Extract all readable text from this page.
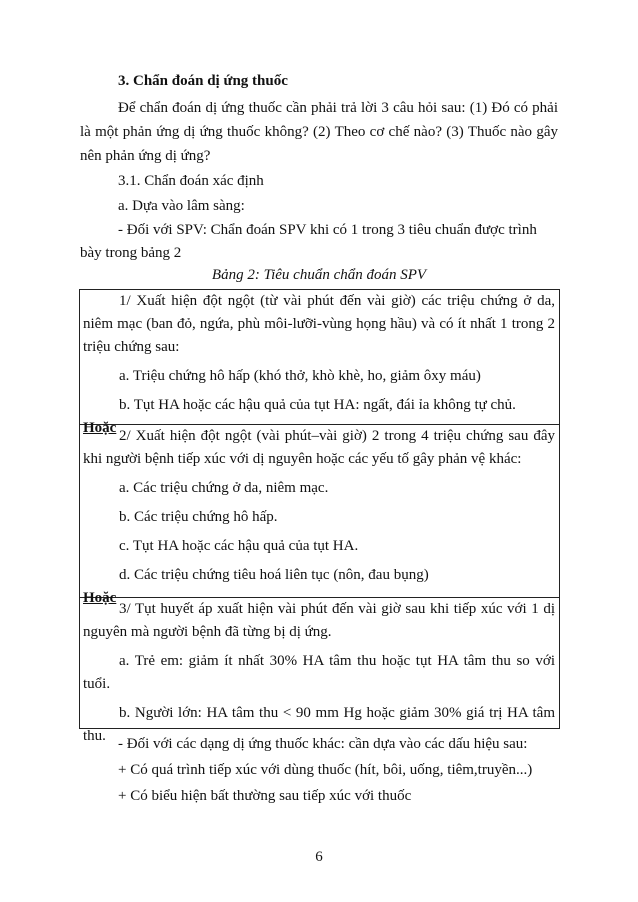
3. Chẩn đoán dị ứng thuốc

Để chẩn đoán dị ứng thuốc cần phải trả lời 3 câu hỏi sau: (1) Đó có phải là một phản ứng dị ứng thuốc không? (2) Theo cơ chế nào? (3) Thuốc nào gây nên phản ứng dị ứng?

3.1. Chẩn đoán xác định

a. Dựa vào lâm sàng:

- Đối với SPV: Chẩn đoán SPV khi có 1 trong 3 tiêu chuẩn được trình

bày trong bảng 2

Bảng 2: Tiêu chuẩn chẩn đoán SPV

1/ Xuất hiện đột ngột (từ vài phút đến vài giờ) các triệu chứng ở da, niêm mạc (ban đỏ, ngứa, phù môi-lưỡi-vùng họng hầu) và có ít nhất 1 trong 2 triệu chứng sau:

a. Triệu chứng hô hấp (khó thở, khò khè, ho, giảm ôxy máu)

b. Tụt HA hoặc các hậu quả của tụt HA: ngất, đái ỉa không tự chủ.

Hoặc 2/ Xuất hiện đột ngột (vài phút–vài giờ) 2 trong 4 triệu chứng sau đây khi người bệnh tiếp xúc với dị nguyên hoặc các yếu tố gây phản vệ khác:

a. Các triệu chứng ở da, niêm mạc.

b. Các triệu chứng hô hấp.

c. Tụt HA hoặc các hậu quả của tụt HA.

d. Các triệu chứng tiêu hoá liên tục (nôn, đau bụng)

Hoặc

3/ Tụt huyết áp xuất hiện vài phút đến vài giờ sau khi tiếp xúc với 1 dị nguyên mà người bệnh đã từng bị dị ứng.

a. Trẻ em: giảm ít nhất 30% HA tâm thu hoặc tụt HA tâm thu so với tuổi.

b. Người lớn: HA tâm thu < 90 mm Hg hoặc giảm 30% giá trị HA tâm thu. - Đối với các dạng dị ứng thuốc khác: cần dựa vào các dấu hiệu sau:

+ Có quá trình tiếp xúc với dùng thuốc (hít, bôi, uống, tiêm,truyền...)

+ Có biểu hiện bất thường sau tiếp xúc với thuốc

6
